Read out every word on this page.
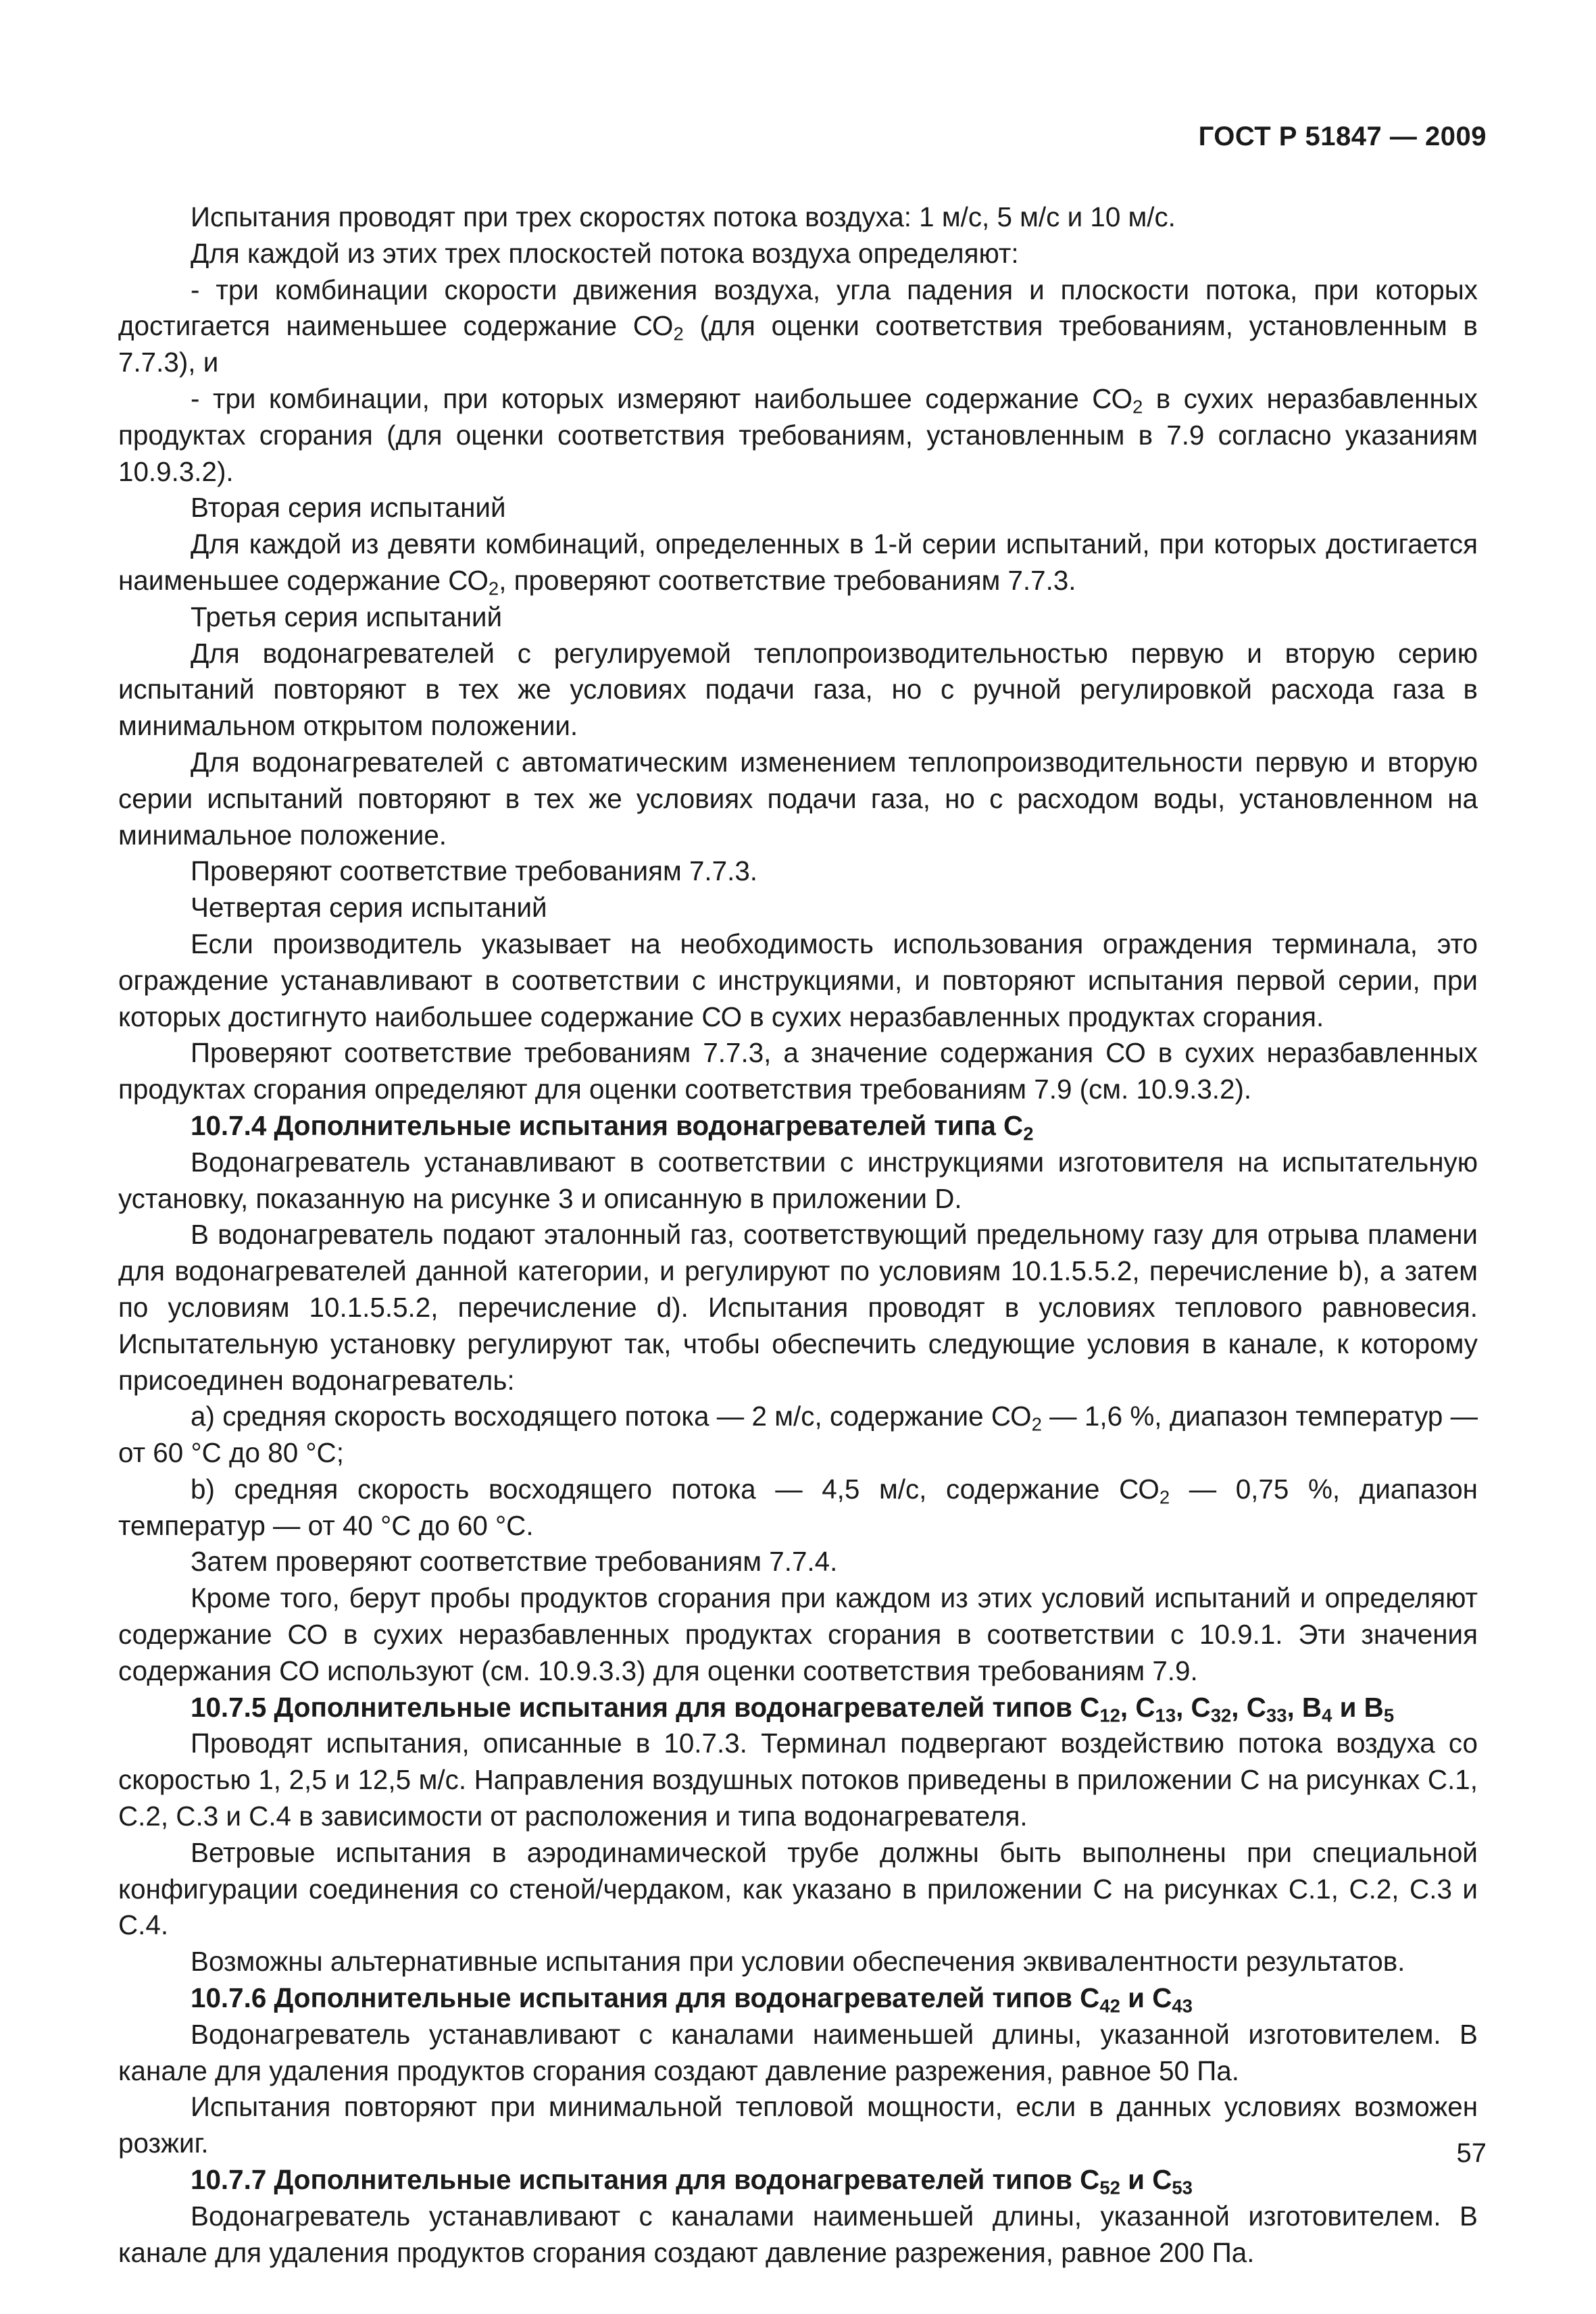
ГОСТ Р 51847 — 2009

Испытания проводят при трех скоростях потока воздуха: 1 м/с, 5 м/с и 10 м/с.

Для каждой из этих трех плоскостей потока воздуха определяют:

- три комбинации скорости движения воздуха, угла падения и плоскости потока, при которых достигается наименьшее содержание $СО_2$ (для оценки соответствия требованиям, установленным в 7.7.3), и

- три комбинации, при которых измеряют наибольшее содержание $СО_2$ в сухих неразбавленных продуктах сгорания (для оценки соответствия требованиям, установленным в 7.9 согласно указаниям 10.9.3.2).

Вторая серия испытаний

Для каждой из девяти комбинаций, определенных в 1-й серии испытаний, при которых достигается наименьшее содержание $СО_2$, проверяют соответствие требованиям 7.7.3.

Третья серия испытаний

Для водонагревателей с регулируемой теплопроизводительностью первую и вторую серию испытаний повторяют в тех же условиях подачи газа, но с ручной регулировкой расхода газа в минимальном открытом положении.

Для водонагревателей с автоматическим изменением теплопроизводительности первую и вторую серии испытаний повторяют в тех же условиях подачи газа, но с расходом воды, установленном на минимальное положение.

Проверяют соответствие требованиям 7.7.3.

Четвертая серия испытаний

Если производитель указывает на необходимость использования ограждения терминала, это ограждение устанавливают в соответствии с инструкциями, и повторяют испытания первой серии, при которых достигнуто наибольшее содержание СО в сухих неразбавленных продуктах сгорания.

Проверяют соответствие требованиям 7.7.3, а значение содержания СО в сухих неразбавленных продуктах сгорания определяют для оценки соответствия требованиям 7.9 (см. 10.9.3.2).

10.7.4 Дополнительные испытания водонагревателей типа $С_2$

Водонагреватель устанавливают в соответствии с инструкциями изготовителя на испытательную установку, показанную на рисунке 3 и описанную в приложении D.

В водонагреватель подают эталонный газ, соответствующий предельному газу для отрыва пламени для водонагревателей данной категории, и регулируют по условиям 10.1.5.5.2, перечисление b), а затем по условиям 10.1.5.5.2, перечисление d). Испытания проводят в условиях теплового равновесия. Испытательную установку регулируют так, чтобы обеспечить следующие условия в канале, к которому присоединен водонагреватель:

а) средняя скорость восходящего потока — 2 м/с, содержание $СО_2$ — 1,6 %, диапазон температур — от 60 °С до 80 °С;

b) средняя скорость восходящего потока — 4,5 м/с, содержание $СО_2$ — 0,75 %, диапазон температур — от 40 °С до 60 °С.

Затем проверяют соответствие требованиям 7.7.4.

Кроме того, берут пробы продуктов сгорания при каждом из этих условий испытаний и определяют содержание СО в сухих неразбавленных продуктах сгорания в соответствии с 10.9.1. Эти значения содержания СО используют (см. 10.9.3.3) для оценки соответствия требованиям 7.9.

10.7.5 Дополнительные испытания для водонагревателей типов $С_{12}$, $С_{13}$, $С_{32}$, $С_{33}$, $В_4$ и $В_5$

Проводят испытания, описанные в 10.7.3. Терминал подвергают воздействию потока воздуха со скоростью 1, 2,5 и 12,5 м/с. Направления воздушных потоков приведены в приложении С на рисунках С.1, С.2, С.3 и С.4 в зависимости от расположения и типа водонагревателя.

Ветровые испытания в аэродинамической трубе должны быть выполнены при специальной конфигурации соединения со стеной/чердаком, как указано в приложении С на рисунках С.1, С.2, С.3 и С.4.

Возможны альтернативные испытания при условии обеспечения эквивалентности результатов.

10.7.6 Дополнительные испытания для водонагревателей типов $С_{42}$ и $С_{43}$

Водонагреватель устанавливают с каналами наименьшей длины, указанной изготовителем. В канале для удаления продуктов сгорания создают давление разрежения, равное 50 Па.

Испытания повторяют при минимальной тепловой мощности, если в данных условиях возможен розжиг.

10.7.7 Дополнительные испытания для водонагревателей типов $С_{52}$ и $С_{53}$

Водонагреватель устанавливают с каналами наименьшей длины, указанной изготовителем. В канале для удаления продуктов сгорания создают давление разрежения, равное 200 Па.

57
